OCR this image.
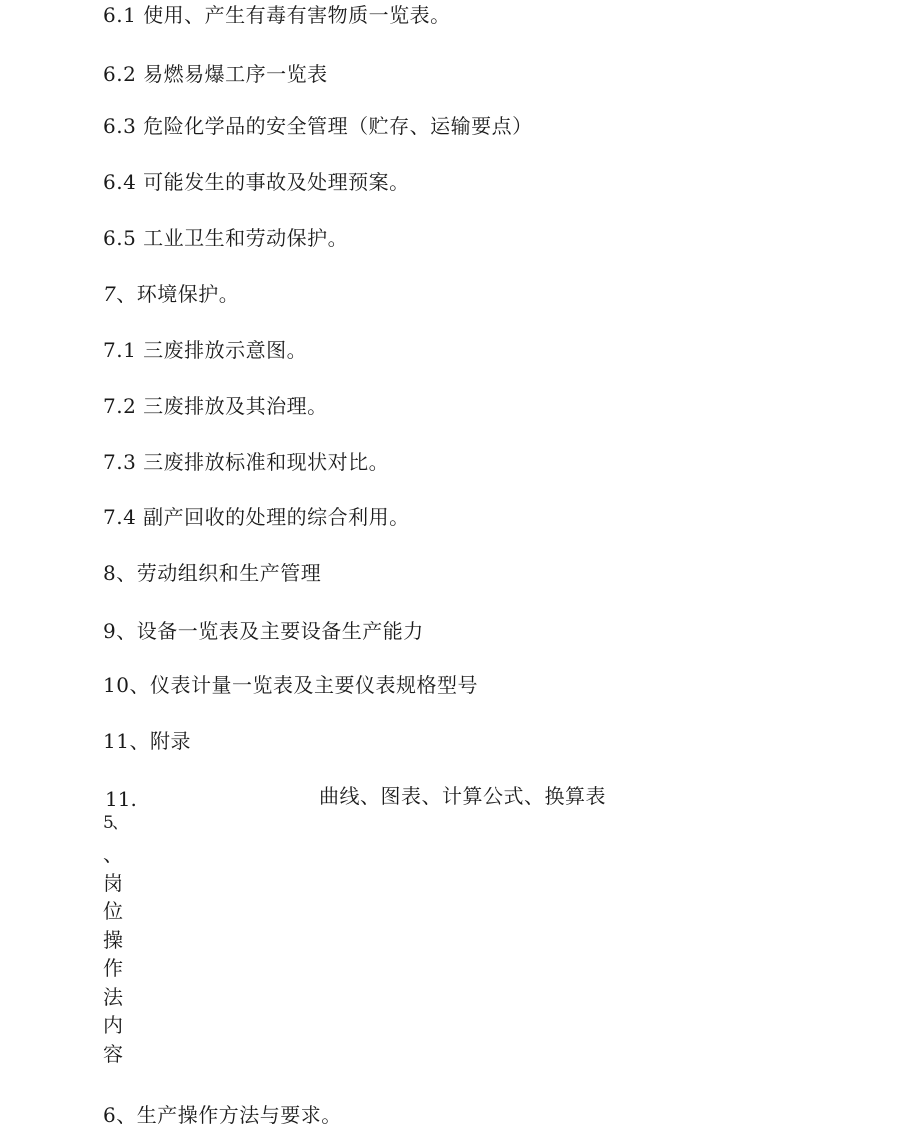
6.1 使用、产生有毒有害物质一览表。
6.2 易燃易爆工序一览表
6.3 危险化学品的安全管理（贮存、运输要点）
6.4 可能发生的事故及处理预案。
6.5 工业卫生和劳动保护。
7、环境保护。
7.1 三废排放示意图。
7.2 三废排放及其治理。
7.3 三废排放标准和现状对比。
7.4 副产回收的处理的综合利用。
8、劳动组织和生产管理
9、设备一览表及主要设备生产能力
10、仪表计量一览表及主要仪表规格型号
11、附录
11.	曲线、图表、计算公式、换算表
5、
、岗位操作法内容
6、生产操作方法与要求。
